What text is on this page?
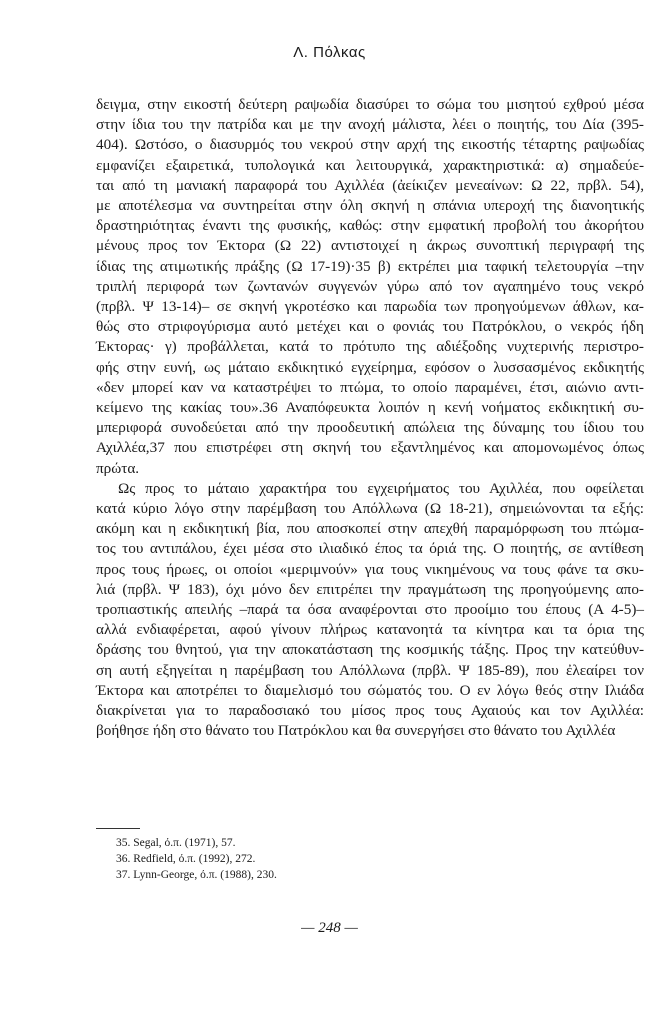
Λ. Πόλκας

δειγμα, στην εικοστή δεύτερη ραψωδία διασύρει το σώμα του μισητού εχθρού μέσα
στην ίδια του την πατρίδα και με την ανοχή μάλιστα, λέει ο ποιητής, του Δία (395-
404). Ωστόσο, ο διασυρμός του νεκρού στην αρχή της εικοστής τέταρτης ραψωδίας
εμφανίζει εξαιρετικά, τυπολογικά και λειτουργικά, χαρακτηριστικά: α) σημαδεύε-
ται από τη μανιακή παραφορά του Αχιλλέα (ἀείκιζεν μενεαίνων: Ω 22, πρβλ. 54),
με αποτέλεσμα να συντηρείται στην όλη σκηνή η σπάνια υπεροχή της διανοητικής
δραστηριότητας έναντι της φυσικής, καθώς: στην εμφατική προβολή του ἀκορήτου
μένους προς τον Έκτορα (Ω 22) αντιστοιχεί η άκρως συνοπτική περιγραφή της
ίδιας της ατιμωτικής πράξης (Ω 17-19)·35 β) εκτρέπει μια ταφική τελετουργία –την
τριπλή περιφορά των ζωντανών συγγενών γύρω από τον αγαπημένο τους νεκρό
(πρβλ. Ψ 13-14)– σε σκηνή γκροτέσκο και παρωδία των προηγούμενων άθλων, κα-
θώς στο στριφογύρισμα αυτό μετέχει και ο φονιάς του Πατρόκλου, ο νεκρός ήδη
Έκτορας· γ) προβάλλεται, κατά το πρότυπο της αδιέξοδης νυχτερινής περιστρο-
φής στην ευνή, ως μάταιο εκδικητικό εγχείρημα, εφόσον ο λυσσασμένος εκδικητής
«δεν μπορεί καν να καταστρέψει το πτώμα, το οποίο παραμένει, έτσι, αιώνιο αντι-
κείμενο της κακίας του».36 Αναπόφευκτα λοιπόν η κενή νοήματος εκδικητική συ-
μπεριφορά συνοδεύεται από την προοδευτική απώλεια της δύναμης του ίδιου του
Αχιλλέα,37 που επιστρέφει στη σκηνή του εξαντλημένος και απομονωμένος όπως
πρώτα.

Ως προς το μάταιο χαρακτήρα του εγχειρήματος του Αχιλλέα, που οφείλεται
κατά κύριο λόγο στην παρέμβαση του Απόλλωνα (Ω 18-21), σημειώνονται τα εξής:
ακόμη και η εκδικητική βία, που αποσκοπεί στην απεχθή παραμόρφωση του πτώμα-
τος του αντιπάλου, έχει μέσα στο ιλιαδικό έπος τα όριά της. Ο ποιητής, σε αντίθεση
προς τους ήρωες, οι οποίοι «μεριμνούν» για τους νικημένους να τους φάνε τα σκυ-
λιά (πρβλ. Ψ 183), όχι μόνο δεν επιτρέπει την πραγμάτωση της προηγούμενης απο-
τροπιαστικής απειλής –παρά τα όσα αναφέρονται στο προοίμιο του έπους (Α 4-5)–
αλλά ενδιαφέρεται, αφού γίνουν πλήρως κατανοητά τα κίνητρα και τα όρια της
δράσης του θνητού, για την αποκατάσταση της κοσμικής τάξης. Προς την κατεύθυν-
ση αυτή εξηγείται η παρέμβαση του Απόλλωνα (πρβλ. Ψ 185-89), που ἐλεαίρει τον
Έκτορα και αποτρέπει το διαμελισμό του σώματός του. Ο εν λόγω θεός στην Ιλιάδα
διακρίνεται για το παραδοσιακό του μίσος προς τους Αχαιούς και τον Αχιλλέα:
βοήθησε ήδη στο θάνατο του Πατρόκλου και θα συνεργήσει στο θάνατο του Αχιλλέα

35. Segal, ό.π. (1971), 57.
36. Redfield, ό.π. (1992), 272.
37. Lynn-George, ό.π. (1988), 230.
— 248 —
